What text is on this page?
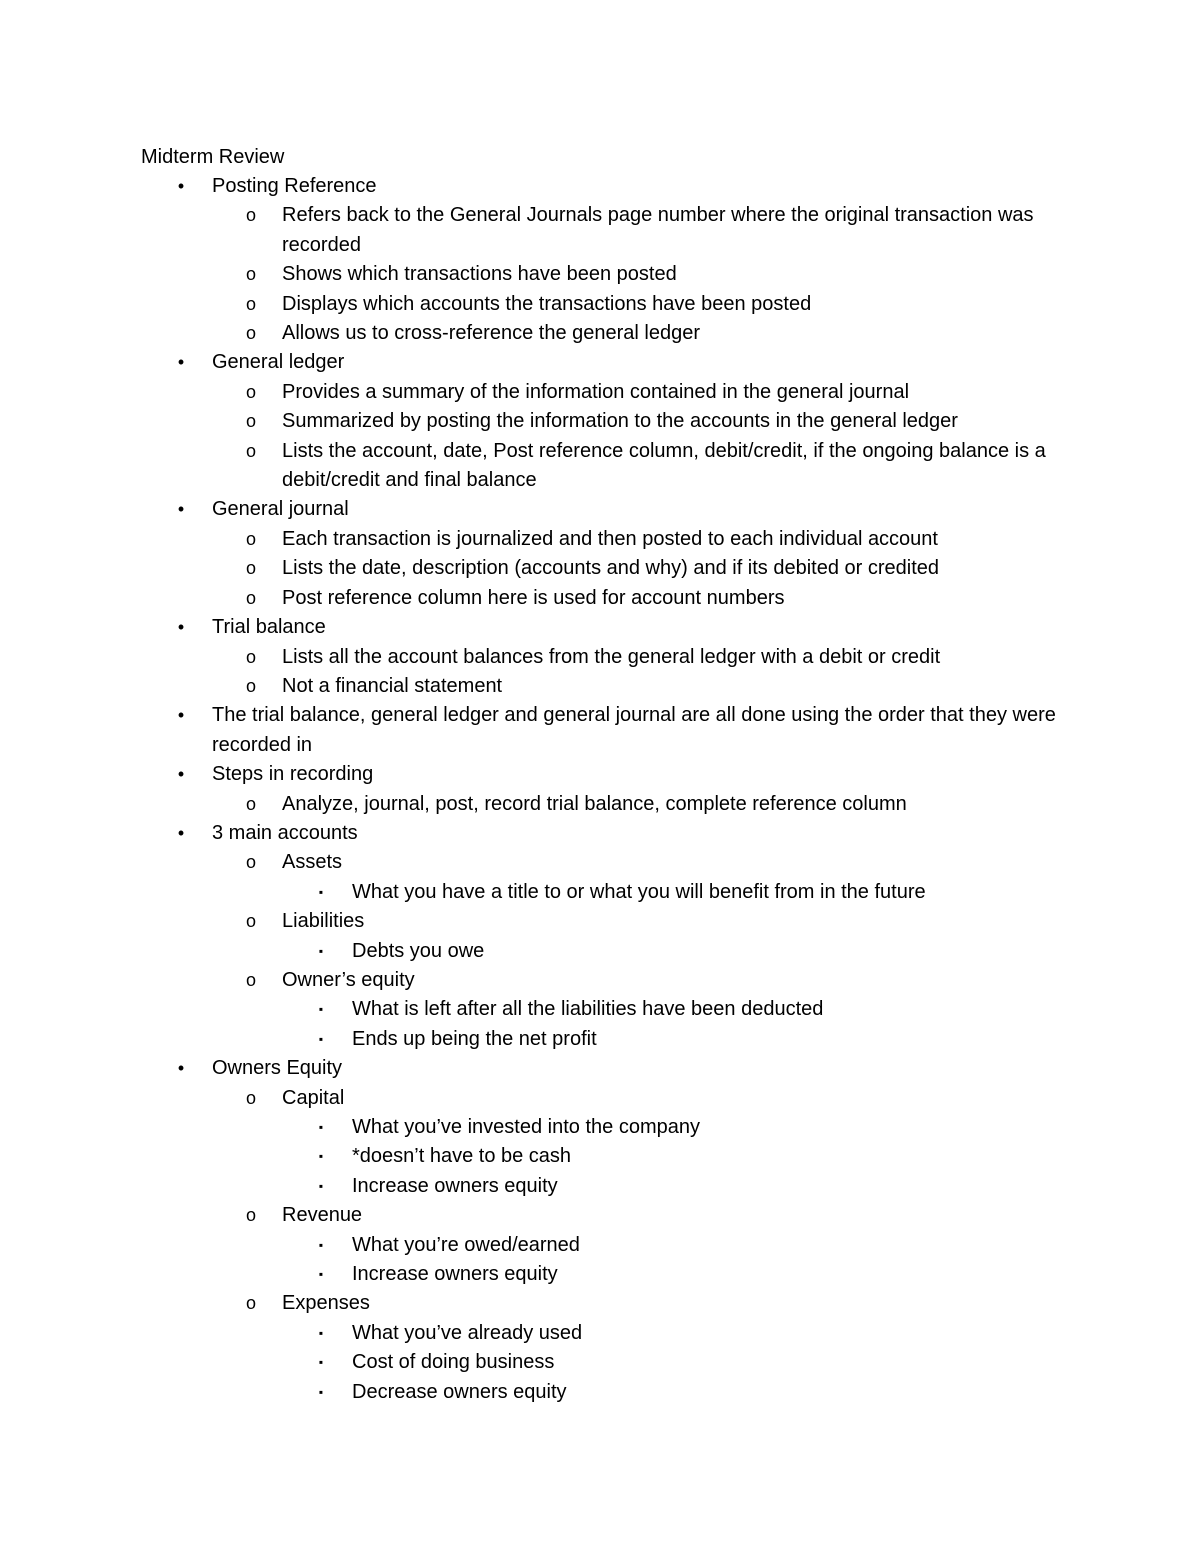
Midterm Review
•	Posting Reference
o Refers back to the General Journals page number where the original transaction was recorded
o Shows which transactions have been posted
o Displays which accounts the transactions have been posted
o Allows us to cross-reference the general ledger
•	General ledger
o Provides a summary of the information contained in the general journal
o Summarized by posting the information to the accounts in the general ledger
o Lists the account, date, Post reference column, debit/credit, if the ongoing balance is a debit/credit and final balance
•	General journal
o Each transaction is journalized and then posted to each individual account
o Lists the date, description (accounts and why) and if its debited or credited
o Post reference column here is used for account numbers
•	Trial balance
o Lists all the account balances from the general ledger with a debit or credit
o Not a financial statement
•	The trial balance, general ledger and general journal are all done using the order that they were recorded in
•	Steps in recording
o Analyze, journal, post, record trial balance, complete reference column
•	3 main accounts
o Assets
▪	What you have a title to or what you will benefit from in the future
o Liabilities
▪	Debts you owe
o Owner’s equity
▪	What is left after all the liabilities have been deducted
▪	Ends up being the net profit
•	Owners Equity
o Capital
▪	What you’ve invested into the company
▪	*doesn’t have to be cash
▪	Increase owners equity
o Revenue
▪	What you’re owed/earned
▪	Increase owners equity
o Expenses
▪	What you’ve already used
▪	Cost of doing business
▪	Decrease owners equity
